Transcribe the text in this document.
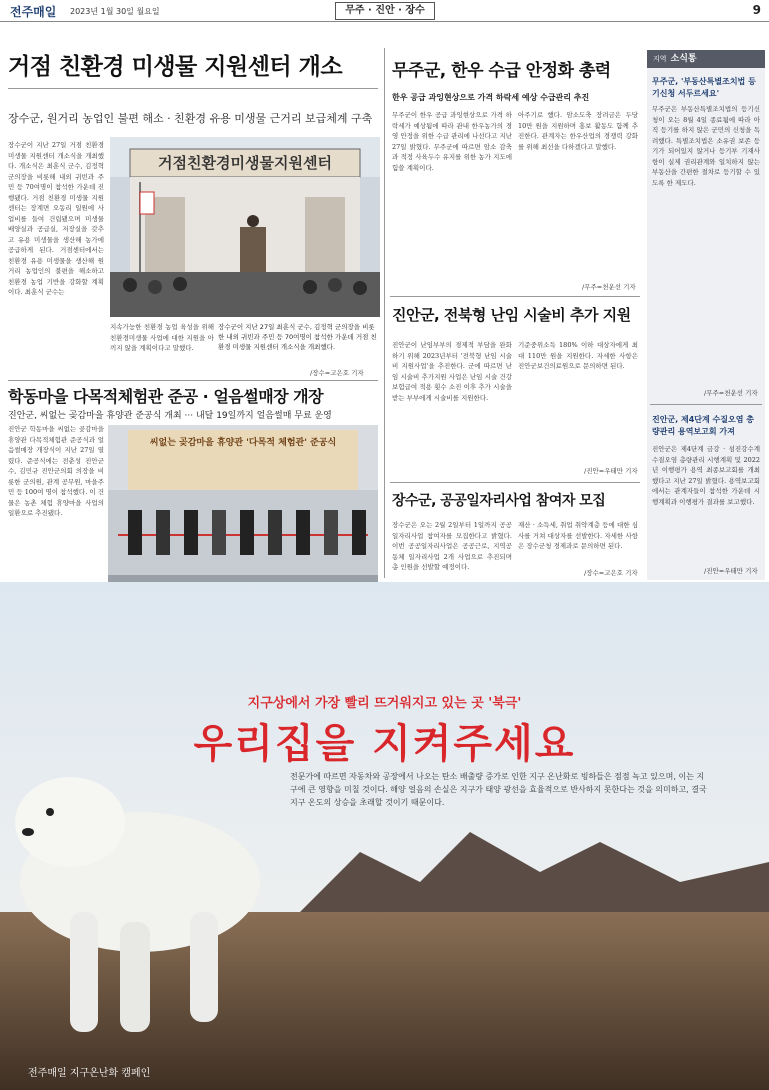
전주매일 2023년 1월 30일 월요일	무주 · 진안 · 장수	9
거점 친환경 미생물 지원센터 개소
장수군, 원거리 농업인 불편 해소 · 친환경 유용 미생물 근거리 보급체계 구축
장수군이 지난 27일 거점 친환경 미생물 지원센터 개소식을 개최했다. 개소식은 최훈식 군수, 김정혁 군의장을 비롯해 내외 귀빈과 주민 등 70여명이 참석한 가운데 진행됐다. 거점 친환경 미생물 지원센터는 장계면 오동리 일원에 사업비를 들여 건립됐으며 미생물 배양실과 공급실, 저장실을 갖추고 유용 미생물을 생산해 농가에 공급하게 된다. 거점센터에서는 친환경 유용 미생물을 생산해 원거리 농업인의 불편을 해소하고 친환경 농업 기반을 강화할 계획이다. 최훈식 군수는
거점친환경미생물지원센터
장수군이 지난 27일 최훈식 군수, 김정혁 군의장을 비롯한 내외 귀빈과 주민 등 70여명이 참석한 가운데 거점 친환경 미생물 지원센터 개소식을 개최했다.
지속가능한 친환경 농업 육성을 위해 친환경미생물 사업에 대한 지원을 아끼지 않을 계획이다고 말했다.
/장수=고은호 기자
학동마을 다목적체험관 준공 · 얼음썰매장 개장
진안군, 씨없는 곶감마을 휴양관 준공식 개최 ··· 내달 19일까지 얼음썰매 무료 운영
진안군 학동마을 씨없는 곶감마을 휴양관 다목적체험관 준공식과 얼음썰매장 개장식이 지난 27일 열렸다. 준공식에는 전춘성 진안군수, 김민규 진안군의회 의장을 비롯한 군의원, 관계 공무원, 마을주민 등 100여 명이 참석했다. 이 건물은 농촌 체험 휴양마을 사업의 일환으로 추진됐다.
씨없는 곶감마을 휴양관 '다목적 체험관' 준공식
무주군, 한우 수급 안정화 총력
한우 공급 과잉현상으로 가격 하락세 예상 수급관리 추진
무주군이 한우 공급 과잉현상으로 가격 하락세가 예상됨에 따라 관내 한우농가의 경영 안정을 위한 수급 관리에 나선다고 지난 27일 밝혔다. 무주군에 따르면 암소 감축과 적정 사육두수 유지를 위한 농가 지도에 힘쓸 계획이다.
아주기로 했다. 암소도축 장려금은 두당 10만 원을 지원하며 홍보 활동도 함께 추진한다. 관계자는 한우산업의 경쟁력 강화를 위해 최선을 다하겠다고 말했다.
/무주=천운선 기자
진안군, 전북형 난임 시술비 추가 지원
진안군이 난임부부의 경제적 부담을 완화하기 위해 2023년부터 '전북형 난임 시술비 지원사업'을 추진한다. 군에 따르면 난임 시술비 추가지원 사업은 난임 시술 건강보험급여 적용 횟수 소진 이후 추가 시술을 받는 부부에게 시술비를 지원한다.
기준중위소득 180% 이하 대상자에게 최대 110만 원을 지원한다. 자세한 사항은 진안군보건의료원으로 문의하면 된다.
/진안=우태만 기자
장수군, 공공일자리사업 참여자 모집
장수군은 오는 2월 2일부터 1일까지 공공일자리사업 참여자를 모집한다고 밝혔다. 이번 공공일자리사업은 공공근로, 지역공동체 일자리사업 2개 사업으로 추진되며 총 인원을 선발할 예정이다.
재산 · 소득세, 취업 취약계층 등에 대한 심사를 거쳐 대상자를 선발한다. 자세한 사항은 장수군청 경제과로 문의하면 된다.
/장수=고은호 기자
지역 소식통
무주군, '부동산특별조치법 등기신청 서두르세요'
무주군은 부동산특별조치법의 등기신청이 오는 8월 4일 종료됨에 따라 아직 등기를 하지 않은 군민의 신청을 독려했다. 특별조치법은 소유권 보존 등기가 되어있지 않거나 등기부 기재사항이 실제 권리관계와 일치하지 않는 부동산을 간편한 절차로 등기할 수 있도록 한 제도다.
/무주=천운선 기자
진안군, 제4단계 수질오염 총량관리 용역보고회 가져
진안군은 제4단계 금강 · 섬진강수계 수질오염 총량관리 시행계획 및 2022년 이행평가 용역 최종보고회를 개최했다고 지난 27일 밝혔다. 용역보고회에서는 관계자들이 참석한 가운데 시행계획과 이행평가 결과를 보고했다.
/진안=우태만 기자
지구상에서 가장 빨리 뜨거워지고 있는 곳 '북극'
우리집을 지켜주세요
전문가에 따르면 자동차와 공장에서 나오는 탄소 배출량 증가로 인한 지구 온난화로 빙하들은 점점 녹고 있으며, 이는 지구에 큰 영향을 미칠 것이다. 해양 얼음의 손실은 지구가 태양 광선을 효율적으로 반사하지 못한다는 것을 의미하고, 결국 지구 온도의 상승을 초래할 것이기 때문이다.
전주매일 지구온난화 캠페인
